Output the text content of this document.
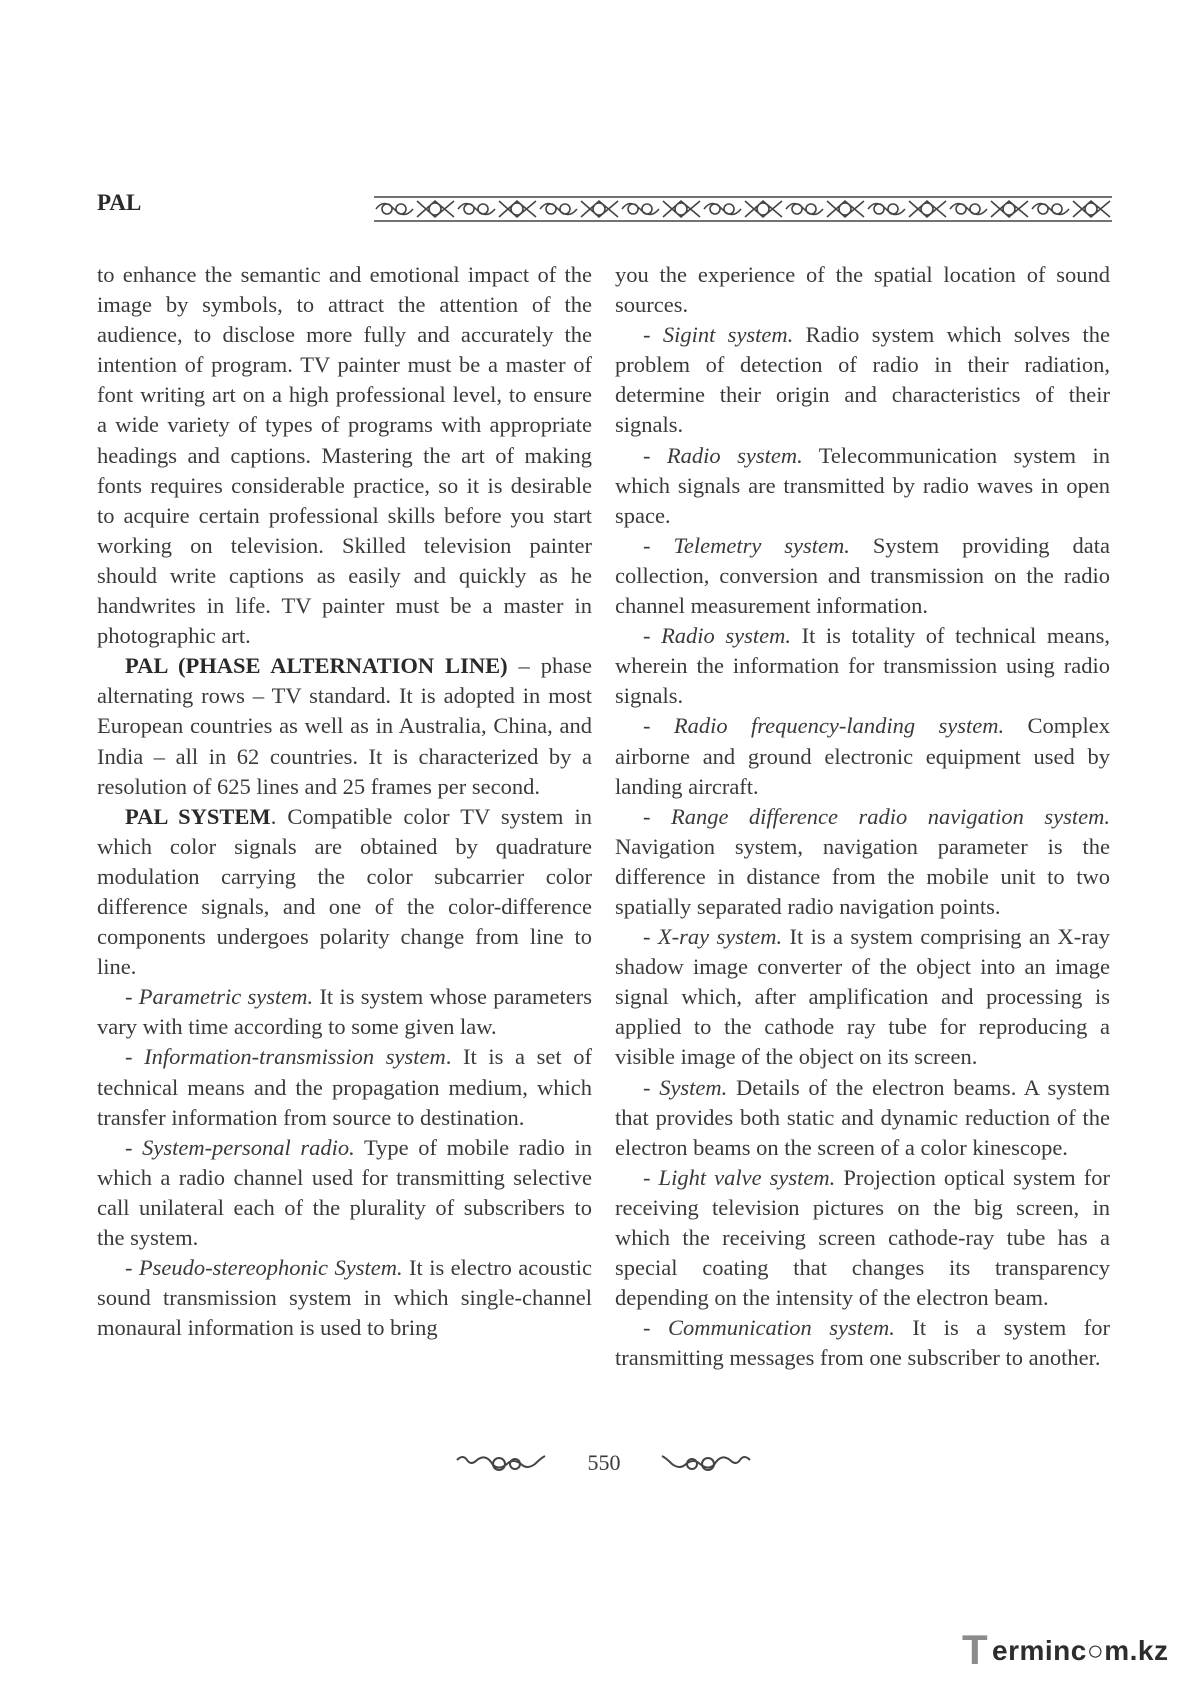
PAL

to enhance the semantic and emotional impact of the image by symbols, to attract the attention of the audience, to disclose more fully and accurately the intention of program. TV painter must be a master of font writing art on a high professional level, to ensure a wide variety of types of programs with appropriate headings and captions. Mastering the art of making fonts requires considerable practice, so it is desirable to acquire certain professional skills before you start working on television. Skilled television painter should write captions as easily and quickly as he handwrites in life. TV painter must be a master in photographic art.

PAL (PHASE ALTERNATION LINE) – phase alternating rows – TV standard. It is adopted in most European countries as well as in Australia, China, and India – all in 62 countries. It is characterized by a resolution of 625 lines and 25 frames per second.

PAL SYSTEM. Compatible color TV system in which color signals are obtained by quadrature modulation carrying the color subcarrier color difference signals, and one of the color-difference components undergoes polarity change from line to line.

- Parametric system. It is system whose parameters vary with time according to some given law.

- Information-transmission system. It is a set of technical means and the propagation medium, which transfer information from source to destination.

- System-personal radio. Type of mobile radio in which a radio channel used for transmitting selective call unilateral each of the plurality of subscribers to the system.

- Pseudo-stereophonic System. It is electro acoustic sound transmission system in which single-channel monaural information is used to bring

you the experience of the spatial location of sound sources.

- Sigint system. Radio system which solves the problem of detection of radio in their radiation, determine their origin and characteristics of their signals.

- Radio system. Telecommunication system in which signals are transmitted by radio waves in open space.

- Telemetry system. System providing data collection, conversion and transmission on the radio channel measurement information.

- Radio system. It is totality of technical means, wherein the information for transmission using radio signals.

- Radio frequency-landing system. Complex airborne and ground electronic equipment used by landing aircraft.

- Range difference radio navigation system. Navigation system, navigation parameter is the difference in distance from the mobile unit to two spatially separated radio navigation points.

- X-ray system. It is a system comprising an X-ray shadow image converter of the object into an image signal which, after amplification and processing is applied to the cathode ray tube for reproducing a visible image of the object on its screen.

- System. Details of the electron beams. A system that provides both static and dynamic reduction of the electron beams on the screen of a color kinescope.

- Light valve system. Projection optical system for receiving television pictures on the big screen, in which the receiving screen cathode-ray tube has a special coating that changes its transparency depending on the intensity of the electron beam.

- Communication system. It is a system for transmitting messages from one subscriber to another.

550
T erminc○m.kz
